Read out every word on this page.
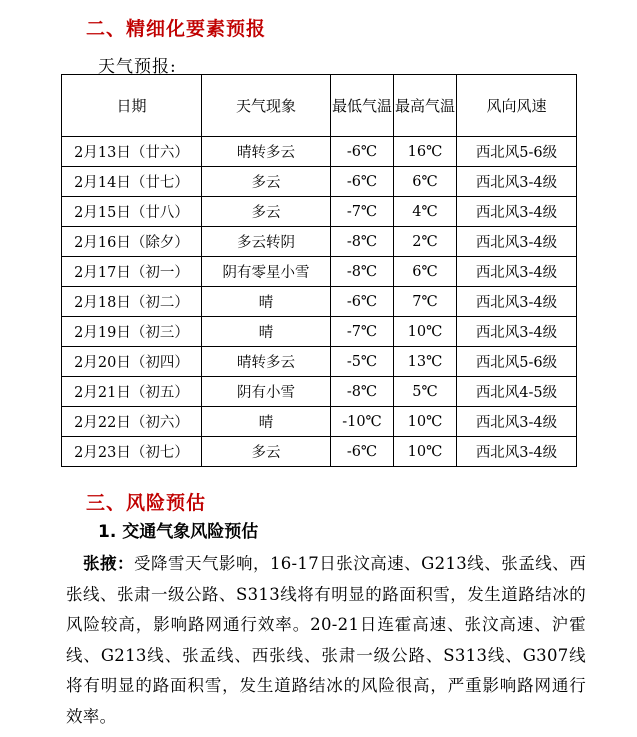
二、精细化要素预报
天气预报:
日期	天气现象	最低气温	最高气温	风向风速
2月13日（廿六）	晴转多云	-6℃	16℃	西北风5-6级
2月14日（廿七）	多云	-6℃	6℃	西北风3-4级
2月15日（廿八）	多云	-7℃	4℃	西北风3-4级
2月16日（除夕）	多云转阴	-8℃	2℃	西北风3-4级
2月17日（初一）	阴有零星小雪	-8℃	6℃	西北风3-4级
2月18日（初二）	晴	-6℃	7℃	西北风3-4级
2月19日（初三）	晴	-7℃	10℃	西北风3-4级
2月20日（初四）	晴转多云	-5℃	13℃	西北风5-6级
2月21日（初五）	阴有小雪	-8℃	5℃	西北风4-5级
2月22日（初六）	晴	-10℃	10℃	西北风3-4级
2月23日（初七）	多云	-6℃	10℃	西北风3-4级
三、风险预估
1. 交通气象风险预估
 张掖：受降雪天气影响，16-17日张汶高速、G213线、张孟线、西张线、张肃一级公路、S313线将有明显的路面积雪，发生道路结冰的风险较高，影响路网通行效率。20-21日连霍高速、张汶高速、沪霍线、G213线、张孟线、西张线、张肃一级公路、S313线、G307线将有明显的路面积雪，发生道路结冰的风险很高，严重影响路网通行效率。
